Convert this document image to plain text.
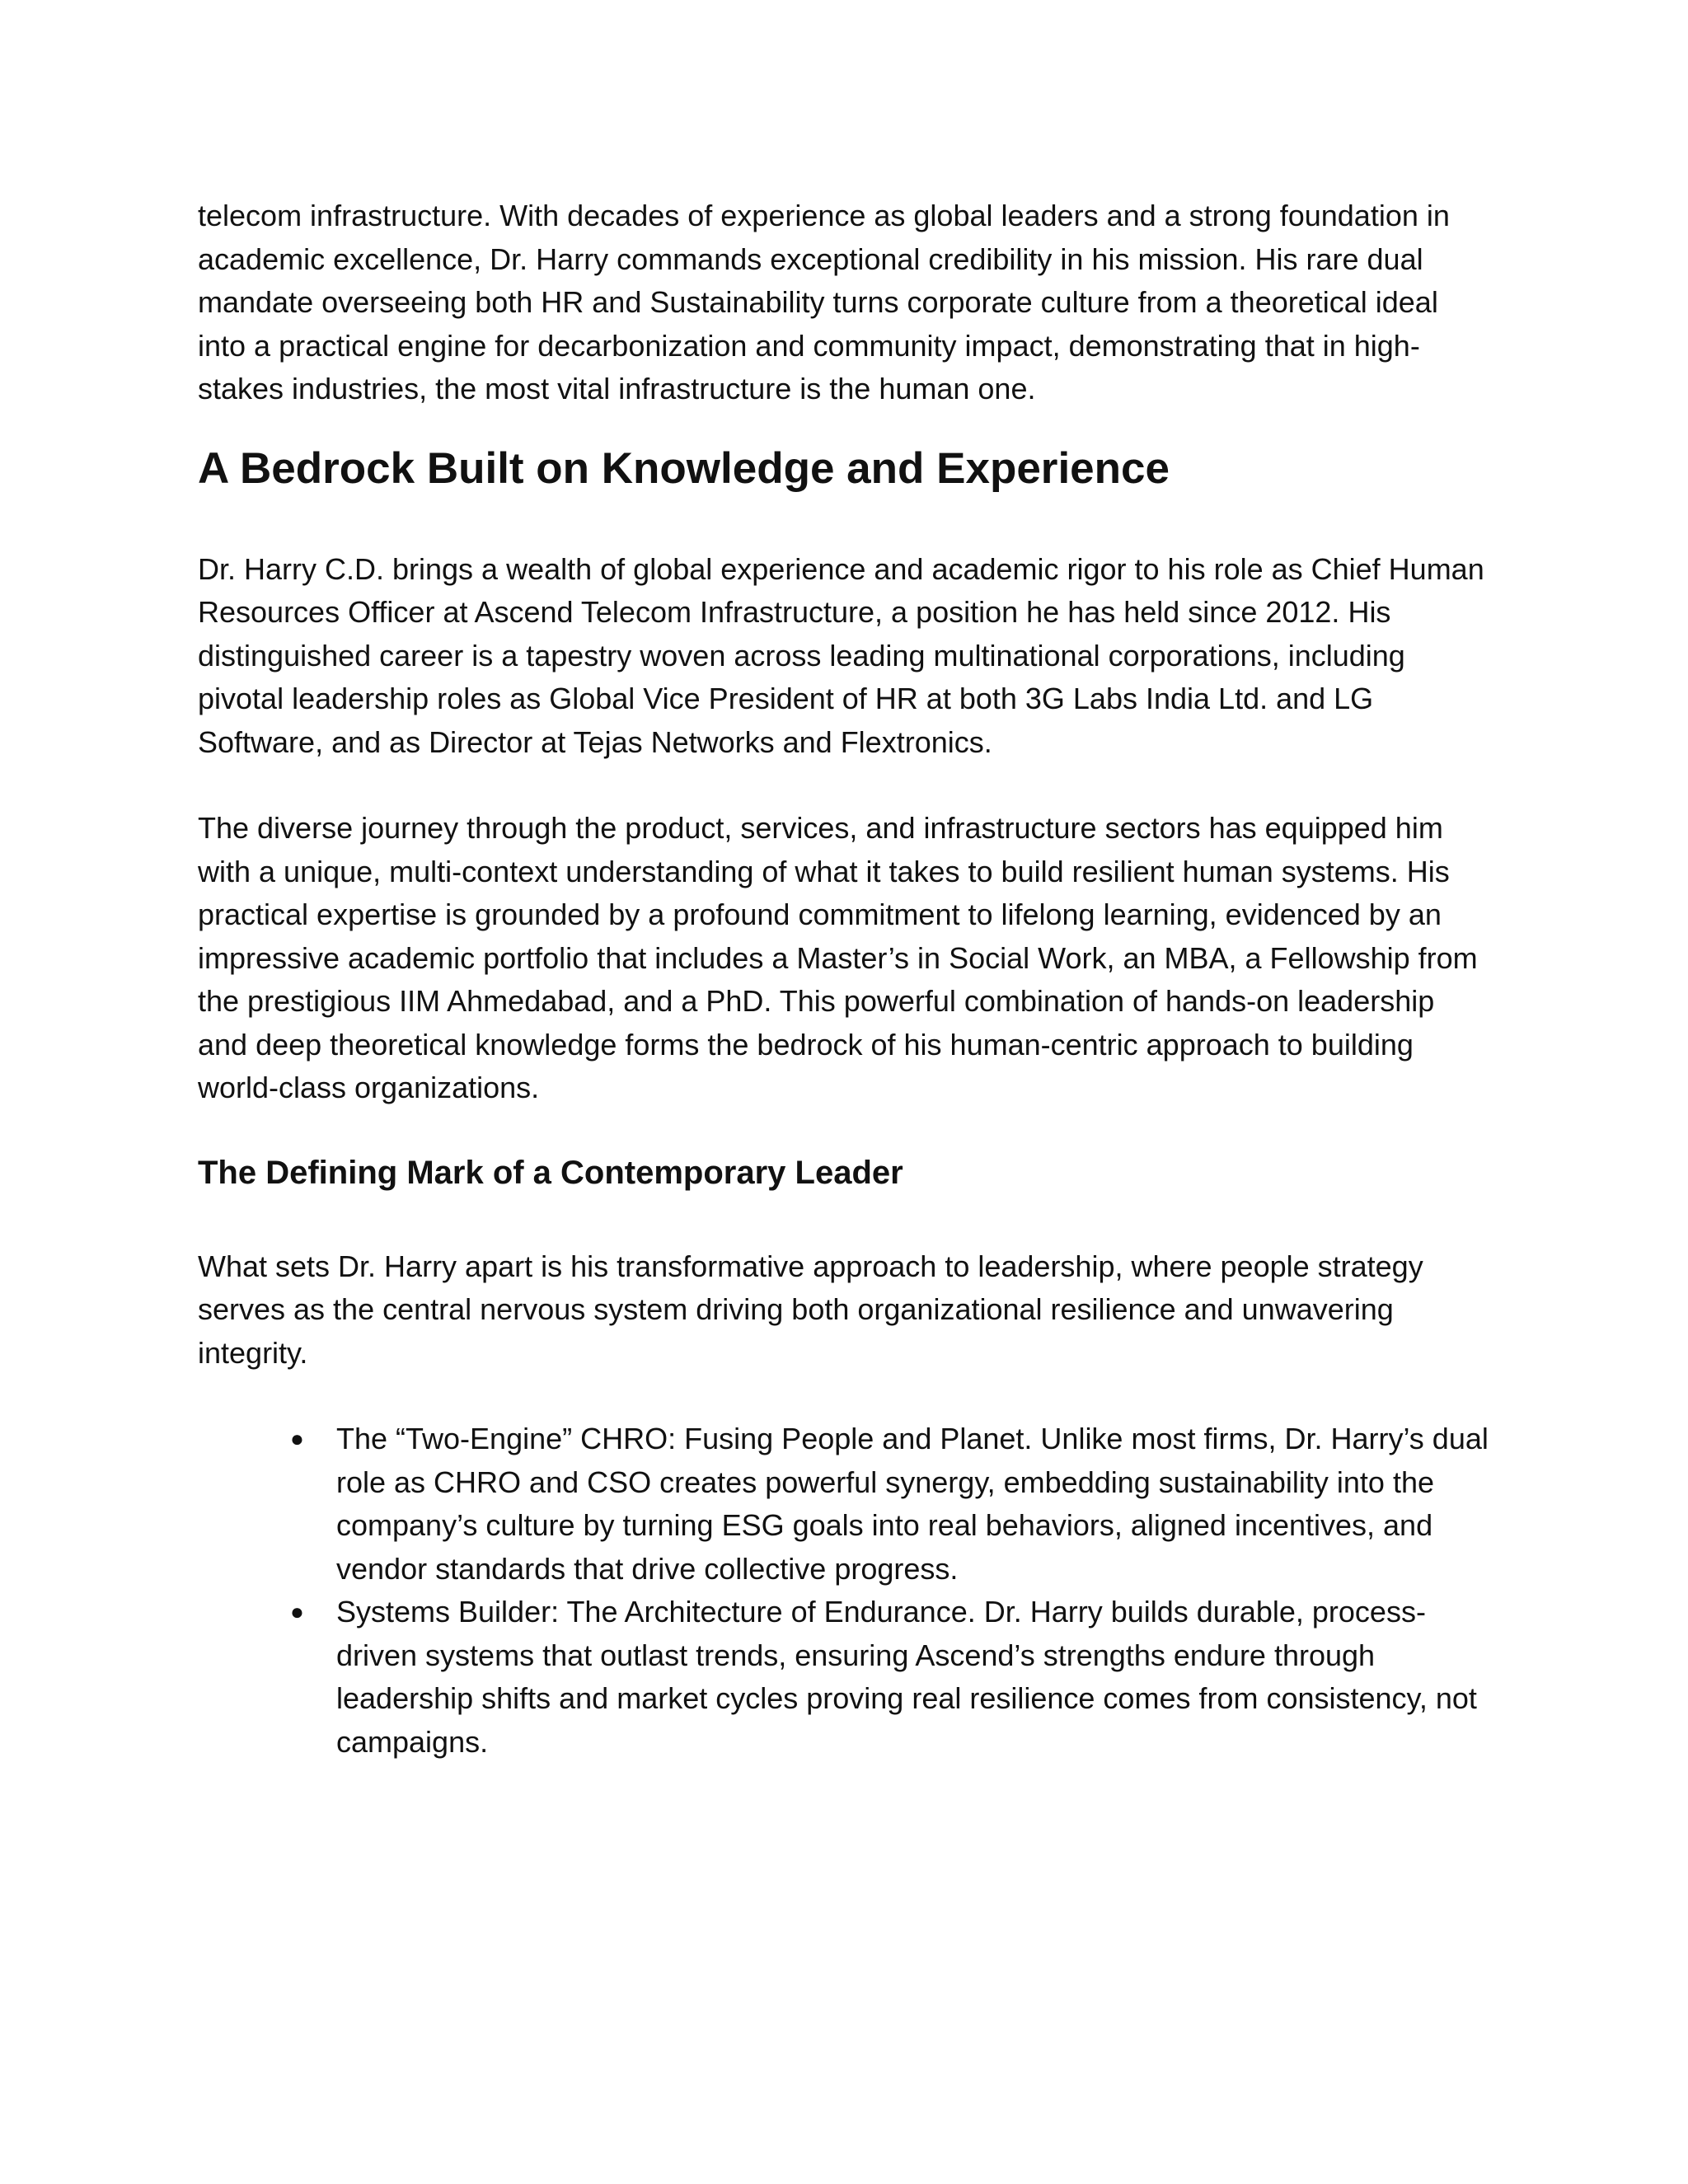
telecom infrastructure. With decades of experience as global leaders and a strong foundation in academic excellence, Dr. Harry commands exceptional credibility in his mission. His rare dual mandate overseeing both HR and Sustainability turns corporate culture from a theoretical ideal into a practical engine for decarbonization and community impact, demonstrating that in high-stakes industries, the most vital infrastructure is the human one.

A Bedrock Built on Knowledge and Experience

Dr. Harry C.D. brings a wealth of global experience and academic rigor to his role as Chief Human Resources Officer at Ascend Telecom Infrastructure, a position he has held since 2012. His distinguished career is a tapestry woven across leading multinational corporations, including pivotal leadership roles as Global Vice President of HR at both 3G Labs India Ltd. and LG Software, and as Director at Tejas Networks and Flextronics.

The diverse journey through the product, services, and infrastructure sectors has equipped him with a unique, multi-context understanding of what it takes to build resilient human systems. His practical expertise is grounded by a profound commitment to lifelong learning, evidenced by an impressive academic portfolio that includes a Master’s in Social Work, an MBA, a Fellowship from the prestigious IIM Ahmedabad, and a PhD. This powerful combination of hands-on leadership and deep theoretical knowledge forms the bedrock of his human-centric approach to building world-class organizations.

The Defining Mark of a Contemporary Leader

What sets Dr. Harry apart is his transformative approach to leadership, where people strategy serves as the central nervous system driving both organizational resilience and unwavering integrity.

● The “Two-Engine” CHRO: Fusing People and Planet. Unlike most firms, Dr. Harry’s dual role as CHRO and CSO creates powerful synergy, embedding sustainability into the company’s culture by turning ESG goals into real behaviors, aligned incentives, and vendor standards that drive collective progress.
● Systems Builder: The Architecture of Endurance. Dr. Harry builds durable, process-driven systems that outlast trends, ensuring Ascend’s strengths endure through leadership shifts and market cycles proving real resilience comes from consistency, not campaigns.
